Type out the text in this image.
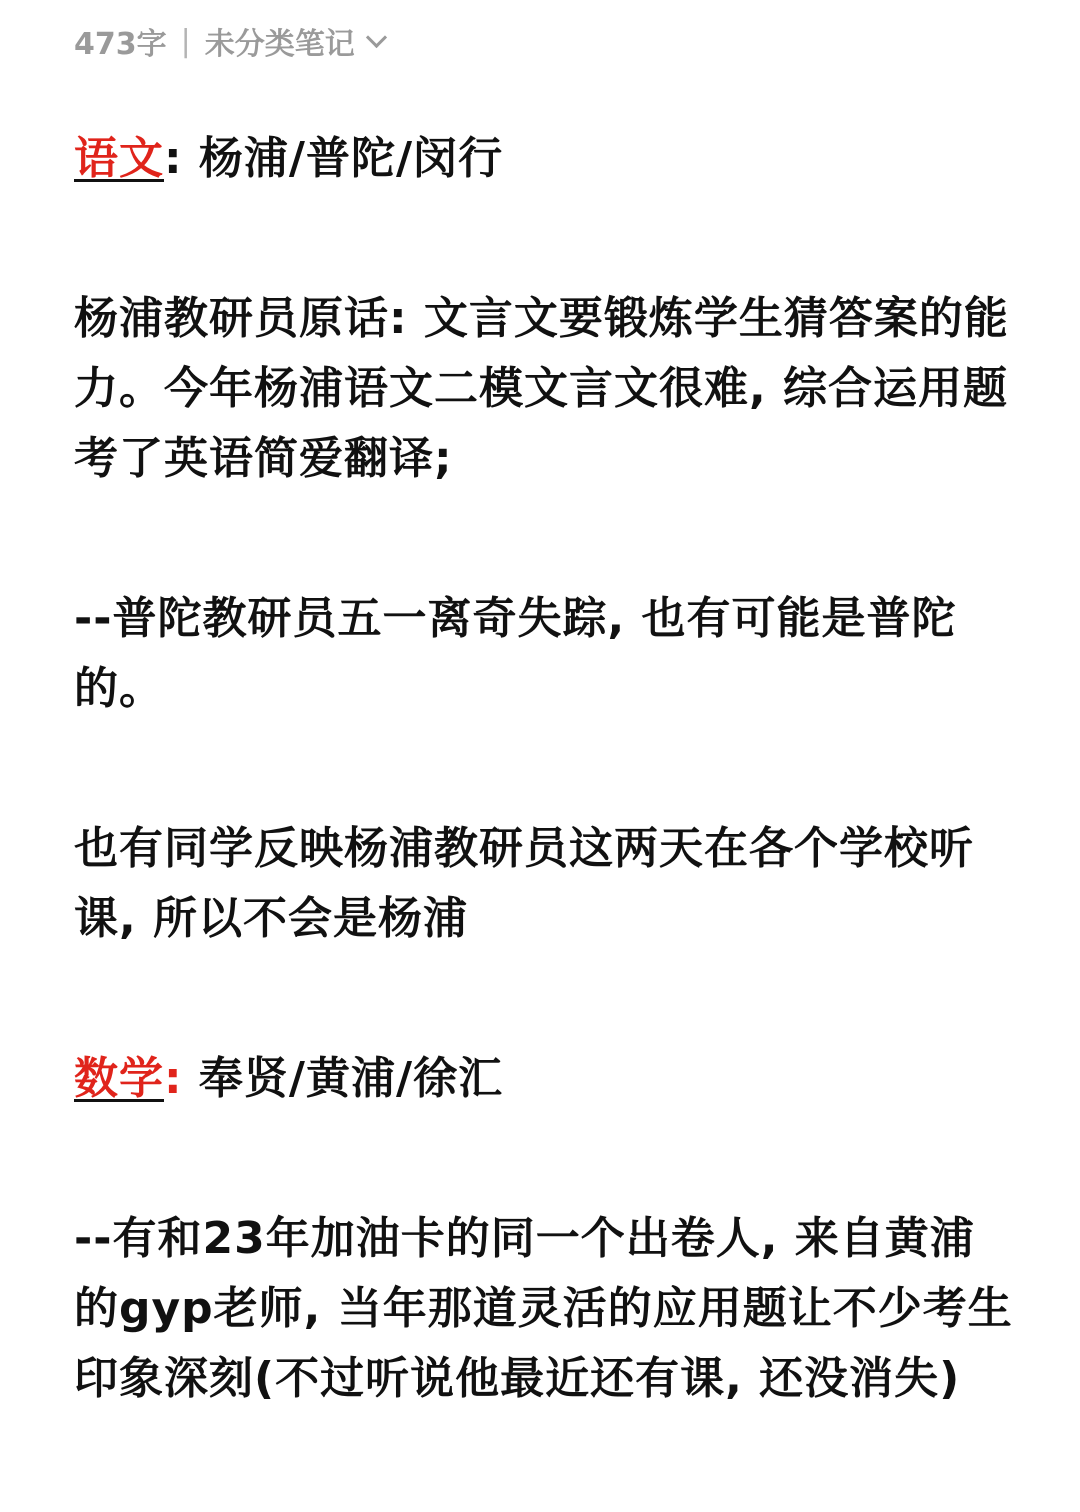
473字 | 未分类笔记

语文: 杨浦/普陀/闵行

杨浦教研员原话: 文言文要锻炼学生猜答案的能力。今年杨浦语文二模文言文很难, 综合运用题考了英语简爱翻译;

--普陀教研员五一离奇失踪, 也有可能是普陀的。

也有同学反映杨浦教研员这两天在各个学校听课, 所以不会是杨浦

数学: 奉贤/黄浦/徐汇

--有和23年加油卡的同一个出卷人, 来自黄浦的gyp老师, 当年那道灵活的应用题让不少考生印象深刻(不过听说他最近还有课, 还没消失)
